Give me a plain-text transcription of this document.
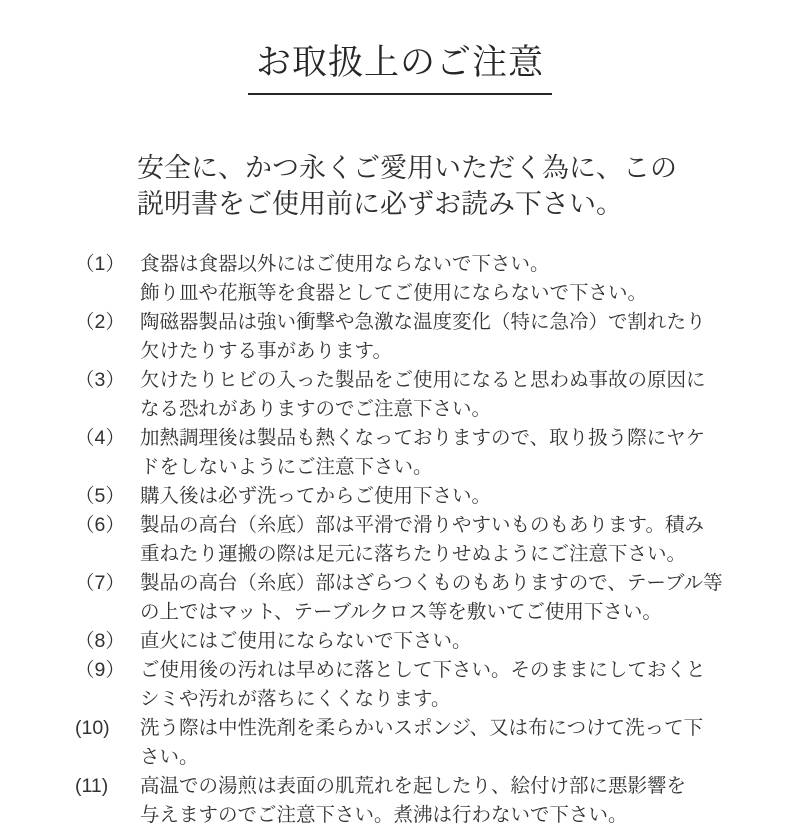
お取扱上のご注意
安全に、かつ永くご愛用いただく為に、この
説明書をご使用前に必ずお読み下さい。
（1） 食器は食器以外にはご使用ならないで下さい。
飾り皿や花瓶等を食器としてご使用にならないで下さい。
（2） 陶磁器製品は強い衝撃や急激な温度変化（特に急冷）で割れたり
欠けたりする事があります。
（3） 欠けたりヒビの入った製品をご使用になると思わぬ事故の原因に
なる恐れがありますのでご注意下さい。
（4） 加熱調理後は製品も熱くなっておりますので、取り扱う際にヤケ
ドをしないようにご注意下さい。
（5） 購入後は必ず洗ってからご使用下さい。
（6） 製品の高台（糸底）部は平滑で滑りやすいものもあります。積み
重ねたり運搬の際は足元に落ちたりせぬようにご注意下さい。
（7） 製品の高台（糸底）部はざらつくものもありますので、テーブル等
の上ではマット、テーブルクロス等を敷いてご使用下さい。
（8） 直火にはご使用にならないで下さい。
（9） ご使用後の汚れは早めに落として下さい。そのままにしておくと
シミや汚れが落ちにくくなります。
(10)	洗う際は中性洗剤を柔らかいスポンジ、又は布につけて洗って下
さい。
(11)	高温での湯煎は表面の肌荒れを起したり、絵付け部に悪影響を
与えますのでご注意下さい。煮沸は行わないで下さい。
